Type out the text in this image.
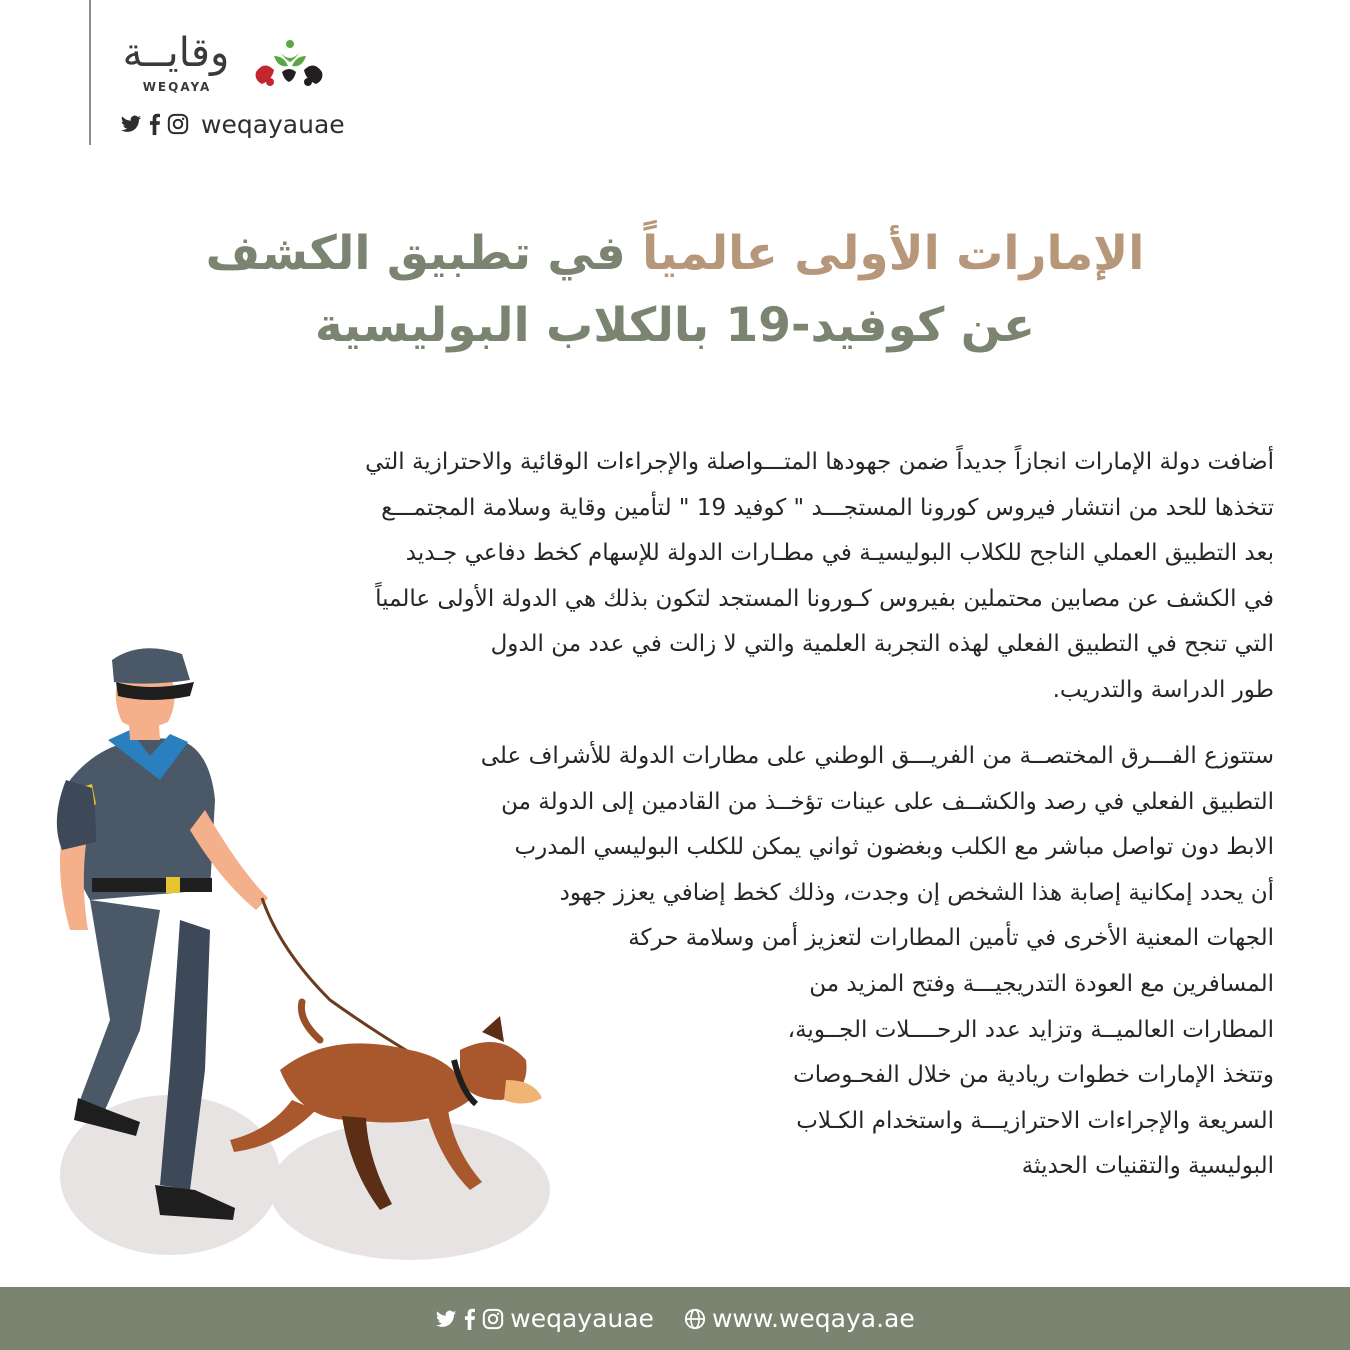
وقايــة
WEQAYA
weqayauae
الإمارات الأولى عالمياً في تطبيق الكشف
عن كوفيد-19 بالكلاب البوليسية
أضافت دولة الإمارات انجازاً جديداً ضمن جهودها المتـــواصلة والإجراءات الوقائية والاحترازية التي
تتخذها للحد من انتشار فيروس كورونا المستجـــد " كوفيد 19 " لتأمين وقاية وسلامة المجتمـــع
بعد التطبيق العملي الناجح للكلاب البوليسيـة في مطـارات الدولة للإسهام كخط دفاعي جـديد
في الكشف عن مصابين محتملين بفيروس كـورونا المستجد لتكون بذلك هي الدولة الأولى عالمياً
التي تنجح في التطبيق الفعلي لهذه التجربة العلمية والتي لا زالت في عدد من الدول
طور الدراسة والتدريب.
ستتوزع الفـــرق المختصــة من الفريـــق الوطني على مطارات الدولة للأشراف على
التطبيق الفعلي في رصد والكشــف على عينات تؤخــذ من القادمين إلى الدولة من
الابط دون تواصل مباشر مع الكلب وبغضون ثواني يمكن للكلب البوليسي المدرب
أن يحدد إمكانية إصابة هذا الشخص إن وجدت، وذلك كخط إضافي يعزز جهود
الجهات المعنية الأخرى في تأمين المطارات لتعزيز أمن وسلامة حركة
المسافرين مع العودة التدريجيـــة وفتح المزيد من
المطارات العالميــة وتزايد عدد الرحــــلات الجــوية،
وتتخذ الإمارات خطوات ريادية من خلال الفحـوصات
السريعة والإجراءات الاحترازيـــة واستخدام الكـلاب
البوليسية والتقنيات الحديثة
weqayauae www.weqaya.ae
